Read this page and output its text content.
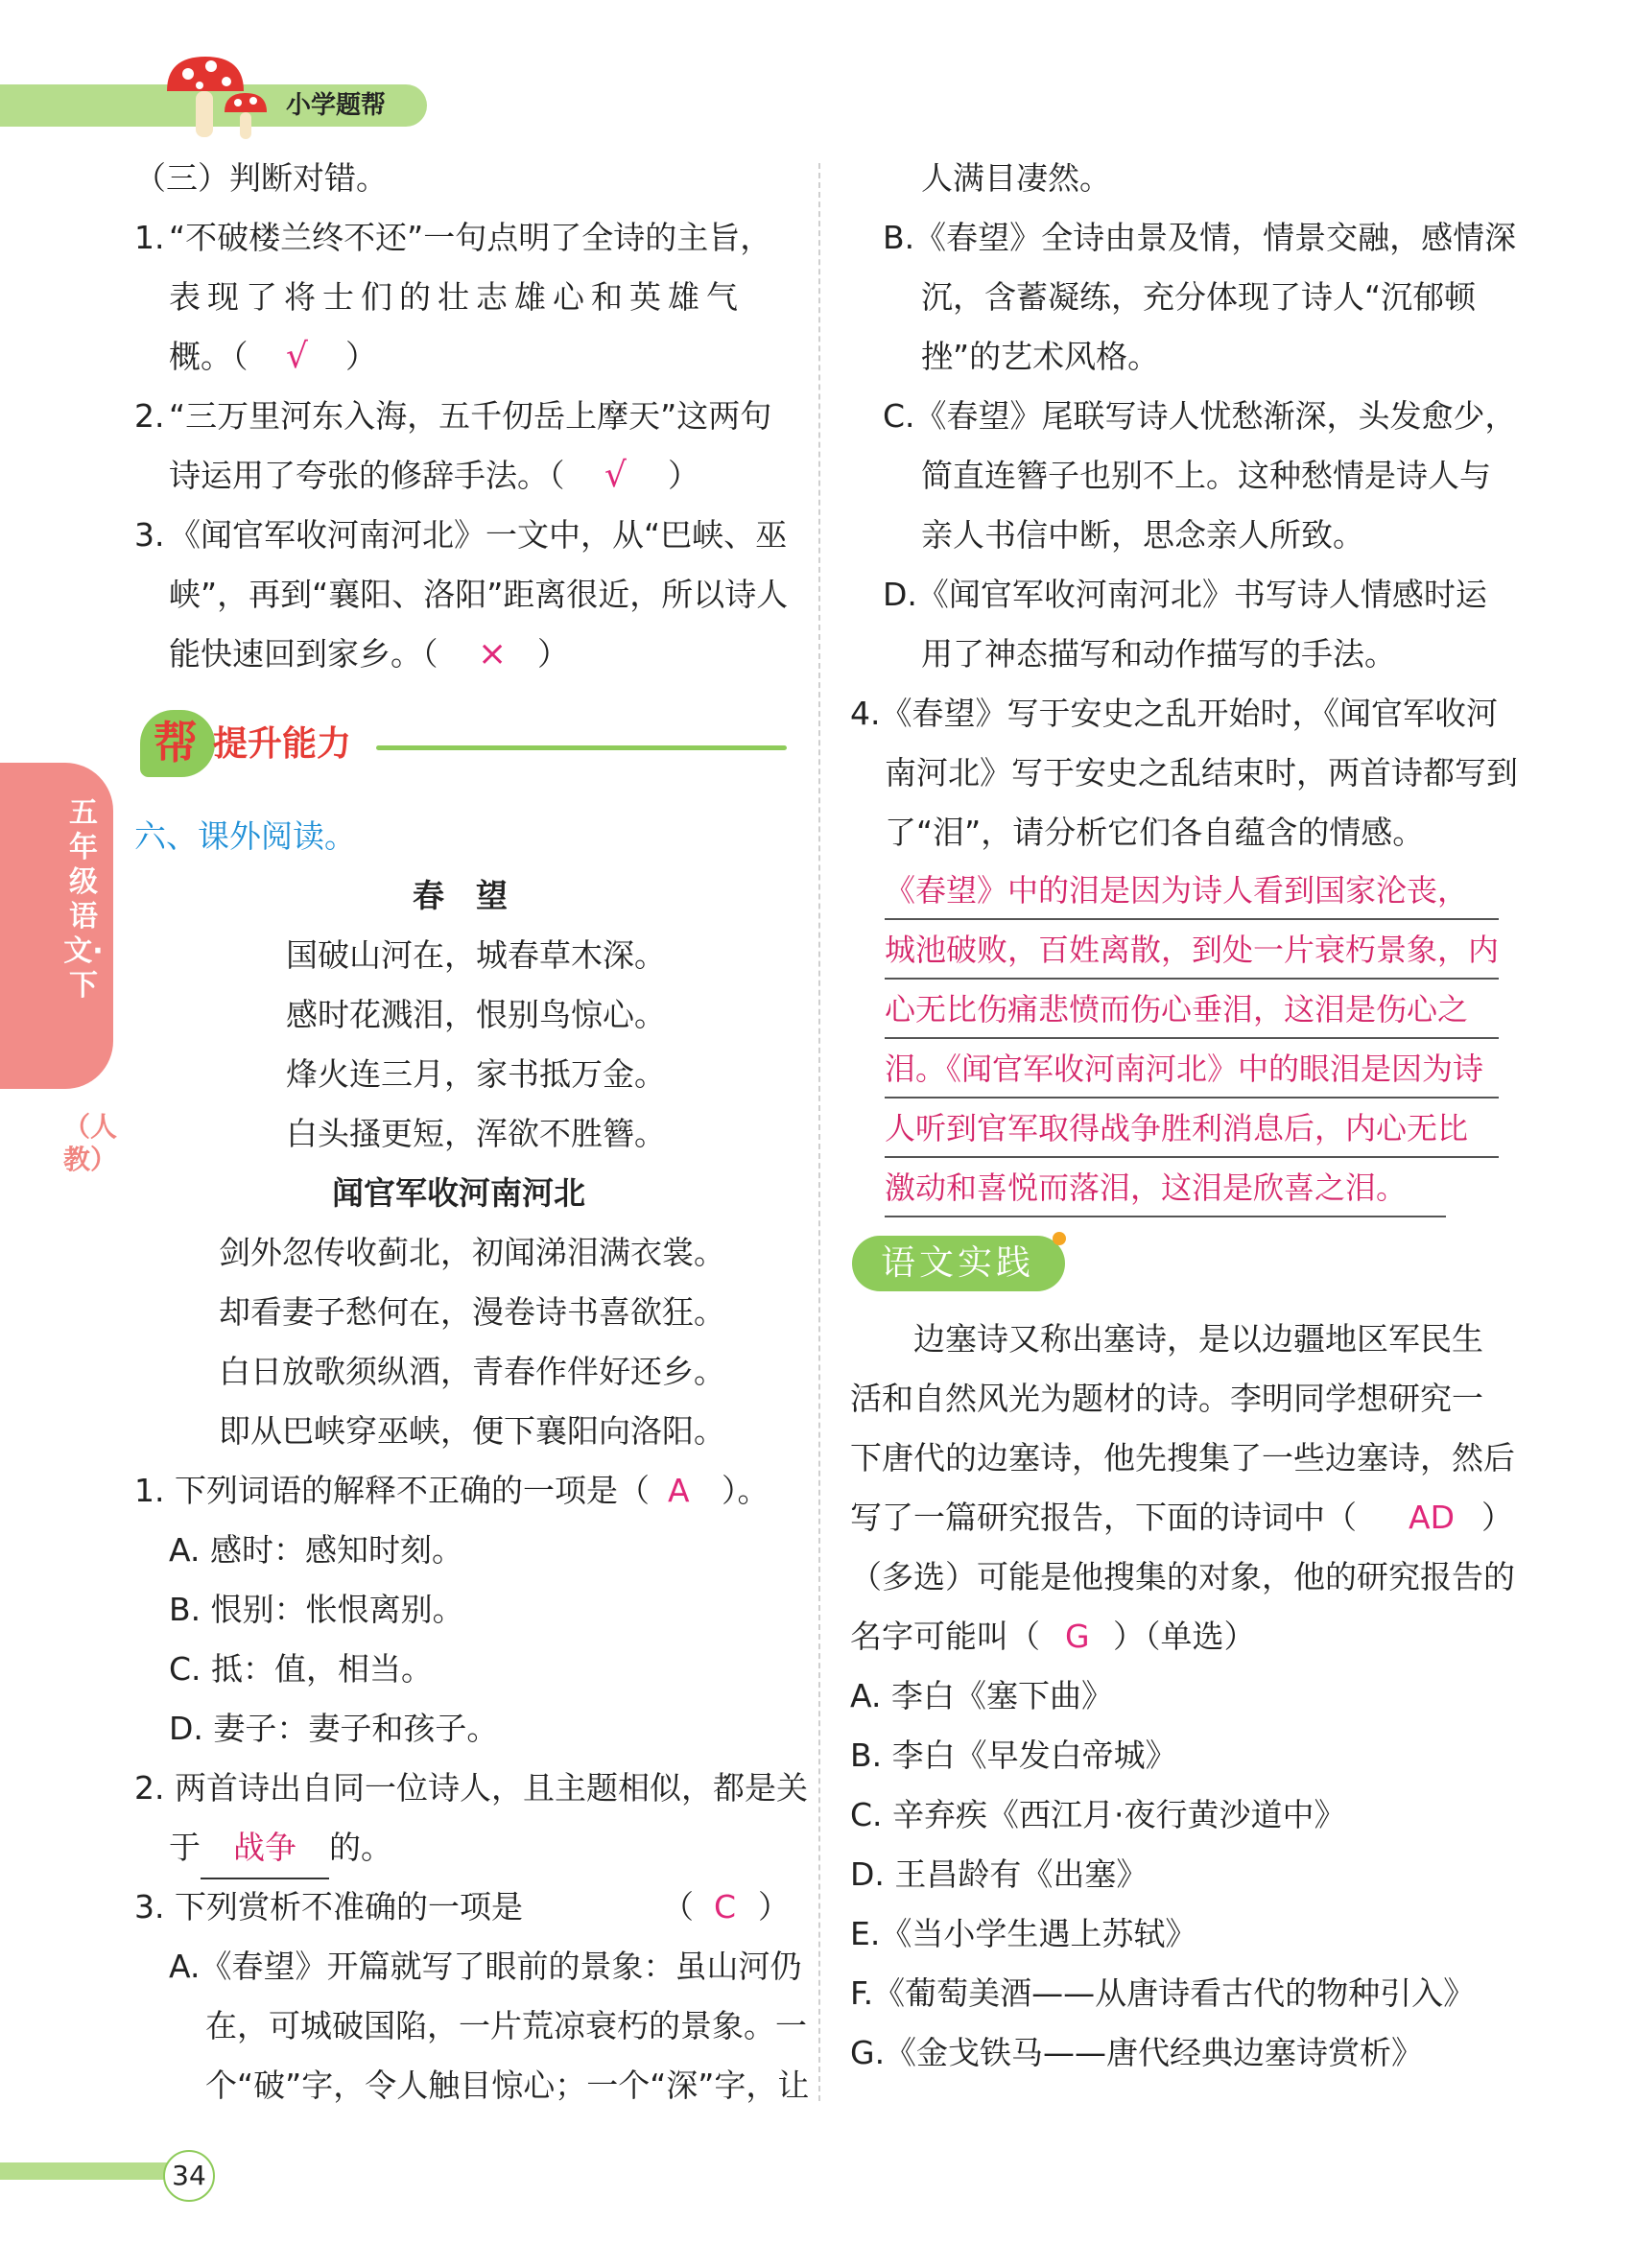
小学题帮
五年级语文·下
（人教）
（三）判断对错。
1. “不破楼兰终不还”一句点明了全诗的主旨，
表现了将士们的壮志雄心和英雄气
概。（ √ ）
2. “三万里河东入海，五千仞岳上摩天”这两句
诗运用了夸张的修辞手法。（ √ ）
3. 《闻官军收河南河北》一文中，从“巴峡、巫
峡”，再到“襄阳、洛阳”距离很近，所以诗人
能快速回到家乡。（ × ）
帮 提升能力
六、课外阅读。
春　望
国破山河在，城春草木深。
感时花溅泪，恨别鸟惊心。
烽火连三月，家书抵万金。
白头搔更短，浑欲不胜簪。
闻官军收河南河北
剑外忽传收蓟北，初闻涕泪满衣裳。
却看妻子愁何在，漫卷诗书喜欲狂。
白日放歌须纵酒，青春作伴好还乡。
即从巴峡穿巫峡，便下襄阳向洛阳。
1. 下列词语的解释不正确的一项是（ A ）。
A. 感时：感知时刻。
B. 恨别：怅恨离别。
C. 抵：值，相当。
D. 妻子：妻子和孩子。
2. 两首诗出自同一位诗人，且主题相似，都是关
于 战争 的。
3. 下列赏析不准确的一项是	（ C ）
A.《春望》开篇就写了眼前的景象：虽山河仍
在，可城破国陷，一片荒凉衰朽的景象。一
个“破”字，令人触目惊心；一个“深”字，让
人满目凄然。
B.《春望》全诗由景及情，情景交融，感情深
沉，含蓄凝练，充分体现了诗人“沉郁顿
挫”的艺术风格。
C.《春望》尾联写诗人忧愁渐深，头发愈少，
简直连簪子也别不上。这种愁情是诗人与
亲人书信中断，思念亲人所致。
D.《闻官军收河南河北》书写诗人情感时运
用了神态描写和动作描写的手法。
4.《春望》写于安史之乱开始时，《闻官军收河
南河北》写于安史之乱结束时，两首诗都写到
了“泪”，请分析它们各自蕴含的情感。
《春望》中的泪是因为诗人看到国家沦丧，
城池破败，百姓离散，到处一片衰朽景象，内
心无比伤痛悲愤而伤心垂泪，这泪是伤心之
泪。《闻官军收河南河北》中的眼泪是因为诗
人听到官军取得战争胜利消息后，内心无比
激动和喜悦而落泪，这泪是欣喜之泪。
语文实践
边塞诗又称出塞诗，是以边疆地区军民生
活和自然风光为题材的诗。李明同学想研究一
下唐代的边塞诗，他先搜集了一些边塞诗，然后
写了一篇研究报告，下面的诗词中（ AD ）
（多选）可能是他搜集的对象，他的研究报告的
名字可能叫（ G ）（单选）
A. 李白《塞下曲》
B. 李白《早发白帝城》
C. 辛弃疾《西江月·夜行黄沙道中》
D. 王昌龄有《出塞》
E.《当小学生遇上苏轼》
F.《葡萄美酒——从唐诗看古代的物种引入》
G.《金戈铁马——唐代经典边塞诗赏析》
34
